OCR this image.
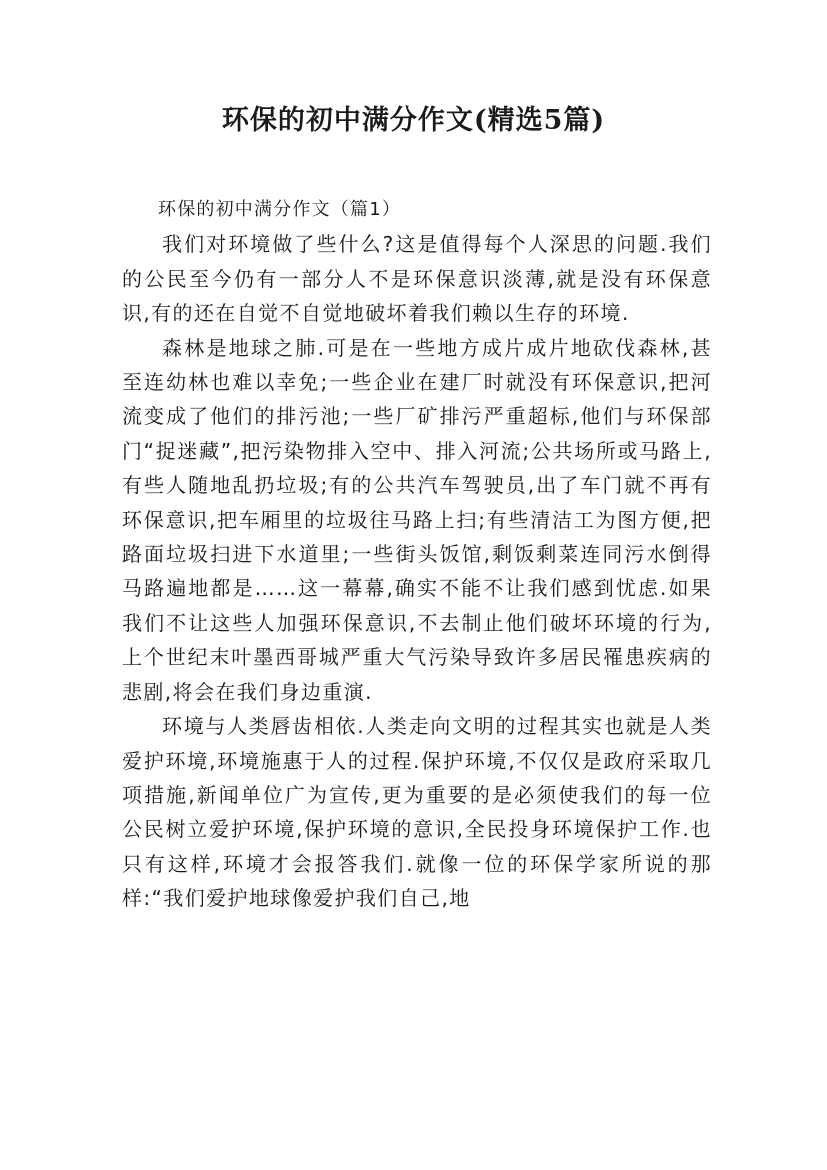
环保的初中满分作文(精选5篇)

环保的初中满分作文（篇1）

我们对环境做了些什么?这是值得每个人深思的问题.我们的公民至今仍有一部分人不是环保意识淡薄,就是没有环保意识,有的还在自觉不自觉地破坏着我们赖以生存的环境.

森林是地球之肺.可是在一些地方成片成片地砍伐森林,甚至连幼林也难以幸免;一些企业在建厂时就没有环保意识,把河流变成了他们的排污池;一些厂矿排污严重超标,他们与环保部门“捉迷藏”,把污染物排入空中、排入河流;公共场所或马路上,有些人随地乱扔垃圾;有的公共汽车驾驶员,出了车门就不再有环保意识,把车厢里的垃圾往马路上扫;有些清洁工为图方便,把路面垃圾扫进下水道里;一些街头饭馆,剩饭剩菜连同污水倒得马路遍地都是……这一幕幕,确实不能不让我们感到忧虑.如果我们不让这些人加强环保意识,不去制止他们破坏环境的行为,上个世纪末叶墨西哥城严重大气污染导致许多居民罹患疾病的悲剧,将会在我们身边重演.

环境与人类唇齿相依.人类走向文明的过程其实也就是人类爱护环境,环境施惠于人的过程.保护环境,不仅仅是政府采取几项措施,新闻单位广为宣传,更为重要的是必须使我们的每一位公民树立爱护环境,保护环境的意识,全民投身环境保护工作.也只有这样,环境才会报答我们.就像一位的环保学家所说的那样:“我们爱护地球像爱护我们自己,地
